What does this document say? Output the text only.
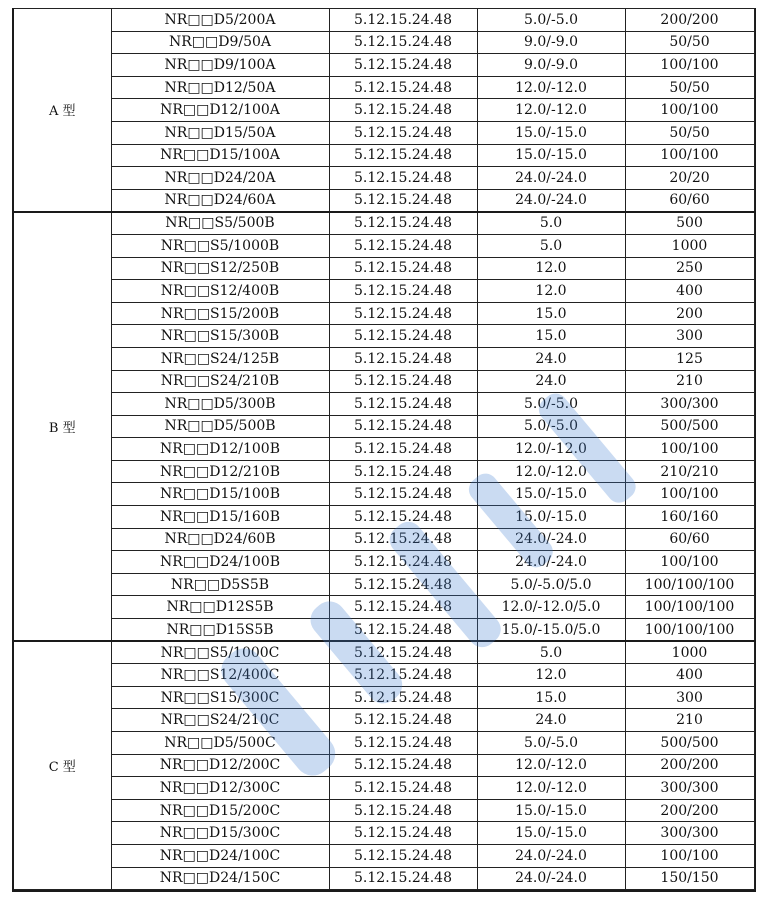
A 型	NR□□D5/200A	5.12.15.24.48	5.0/-5.0	200/200
	NR□□D9/50A	5.12.15.24.48	9.0/-9.0	50/50
	NR□□D9/100A	5.12.15.24.48	9.0/-9.0	100/100
	NR□□D12/50A	5.12.15.24.48	12.0/-12.0	50/50
	NR□□D12/100A	5.12.15.24.48	12.0/-12.0	100/100
	NR□□D15/50A	5.12.15.24.48	15.0/-15.0	50/50
	NR□□D15/100A	5.12.15.24.48	15.0/-15.0	100/100
	NR□□D24/20A	5.12.15.24.48	24.0/-24.0	20/20
	NR□□D24/60A	5.12.15.24.48	24.0/-24.0	60/60
B 型	NR□□S5/500B	5.12.15.24.48	5.0	500
	NR□□S5/1000B	5.12.15.24.48	5.0	1000
	NR□□S12/250B	5.12.15.24.48	12.0	250
	NR□□S12/400B	5.12.15.24.48	12.0	400
	NR□□S15/200B	5.12.15.24.48	15.0	200
	NR□□S15/300B	5.12.15.24.48	15.0	300
	NR□□S24/125B	5.12.15.24.48	24.0	125
	NR□□S24/210B	5.12.15.24.48	24.0	210
	NR□□D5/300B	5.12.15.24.48	5.0/-5.0	300/300
	NR□□D5/500B	5.12.15.24.48	5.0/-5.0	500/500
	NR□□D12/100B	5.12.15.24.48	12.0/-12.0	100/100
	NR□□D12/210B	5.12.15.24.48	12.0/-12.0	210/210
	NR□□D15/100B	5.12.15.24.48	15.0/-15.0	100/100
	NR□□D15/160B	5.12.15.24.48	15.0/-15.0	160/160
	NR□□D24/60B	5.12.15.24.48	24.0/-24.0	60/60
	NR□□D24/100B	5.12.15.24.48	24.0/-24.0	100/100
	NR□□D5S5B	5.12.15.24.48	5.0/-5.0/5.0	100/100/100
	NR□□D12S5B	5.12.15.24.48	12.0/-12.0/5.0	100/100/100
	NR□□D15S5B	5.12.15.24.48	15.0/-15.0/5.0	100/100/100
C 型	NR□□S5/1000C	5.12.15.24.48	5.0	1000
	NR□□S12/400C	5.12.15.24.48	12.0	400
	NR□□S15/300C	5.12.15.24.48	15.0	300
	NR□□S24/210C	5.12.15.24.48	24.0	210
	NR□□D5/500C	5.12.15.24.48	5.0/-5.0	500/500
	NR□□D12/200C	5.12.15.24.48	12.0/-12.0	200/200
	NR□□D12/300C	5.12.15.24.48	12.0/-12.0	300/300
	NR□□D15/200C	5.12.15.24.48	15.0/-15.0	200/200
	NR□□D15/300C	5.12.15.24.48	15.0/-15.0	300/300
	NR□□D24/100C	5.12.15.24.48	24.0/-24.0	100/100
	NR□□D24/150C	5.12.15.24.48	24.0/-24.0	150/150
